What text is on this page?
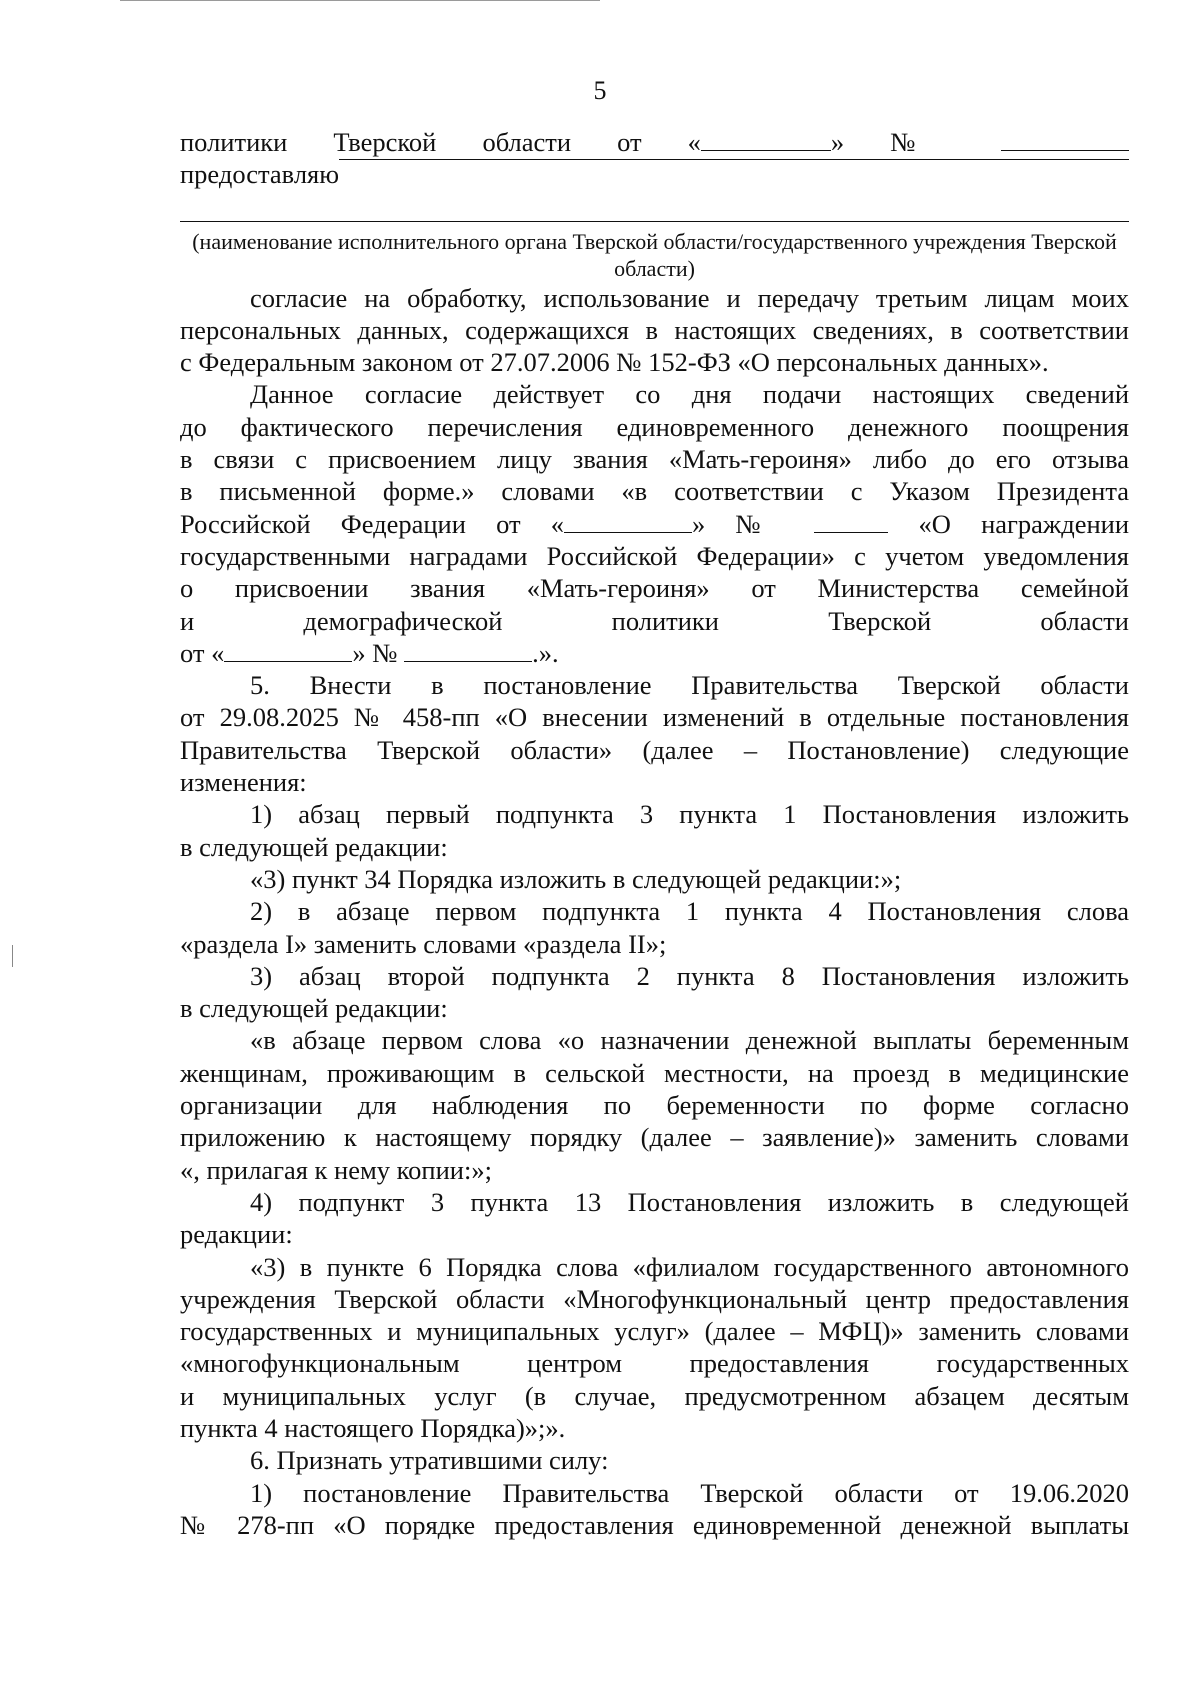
5
политики Тверской области от «	» №
предоставляю
(наименование исполнительного органа Тверской области/государственного учреждения Тверской области)
согласие на обработку, использование и передачу третьим лицам моих
персональных данных, содержащихся в настоящих сведениях, в соответствии
с Федеральным законом от 27.07.2006 № 152-ФЗ «О персональных данных».
Данное согласие действует со дня подачи настоящих сведений
до фактического перечисления единовременного денежного поощрения
в связи с присвоением лицу звания «Мать-героиня» либо до его отзыва
в письменной форме.» словами «в соответствии с Указом Президента
Российской Федерации от «	» №	«О награждении
государственными наградами Российской Федерации» с учетом уведомления
о присвоении звания «Мать-героиня» от Министерства семейной
и демографической политики Тверской области
от «	» №	.».
5. Внести в постановление Правительства Тверской области
от 29.08.2025 № 458-пп «О внесении изменений в отдельные постановления
Правительства Тверской области» (далее – Постановление) следующие
изменения:
1) абзац первый подпункта 3 пункта 1 Постановления изложить
в следующей редакции:
«3) пункт 34 Порядка изложить в следующей редакции:»;
2) в абзаце первом подпункта 1 пункта 4 Постановления слова
«раздела I» заменить словами «раздела II»;
3) абзац второй подпункта 2 пункта 8 Постановления изложить
в следующей редакции:
«в абзаце первом слова «о назначении денежной выплаты беременным
женщинам, проживающим в сельской местности, на проезд в медицинские
организации для наблюдения по беременности по форме согласно
приложению к настоящему порядку (далее – заявление)» заменить словами
«, прилагая к нему копии:»;
4) подпункт 3 пункта 13 Постановления изложить в следующей
редакции:
«3) в пункте 6 Порядка слова «филиалом государственного автономного
учреждения Тверской области «Многофункциональный центр предоставления
государственных и муниципальных услуг» (далее – МФЦ)» заменить словами
«многофункциональным центром предоставления государственных
и муниципальных услуг (в случае, предусмотренном абзацем десятым
пункта 4 настоящего Порядка)»;».
6. Признать утратившими силу:
1) постановление Правительства Тверской области от 19.06.2020
№ 278-пп «О порядке предоставления единовременной денежной выплаты
